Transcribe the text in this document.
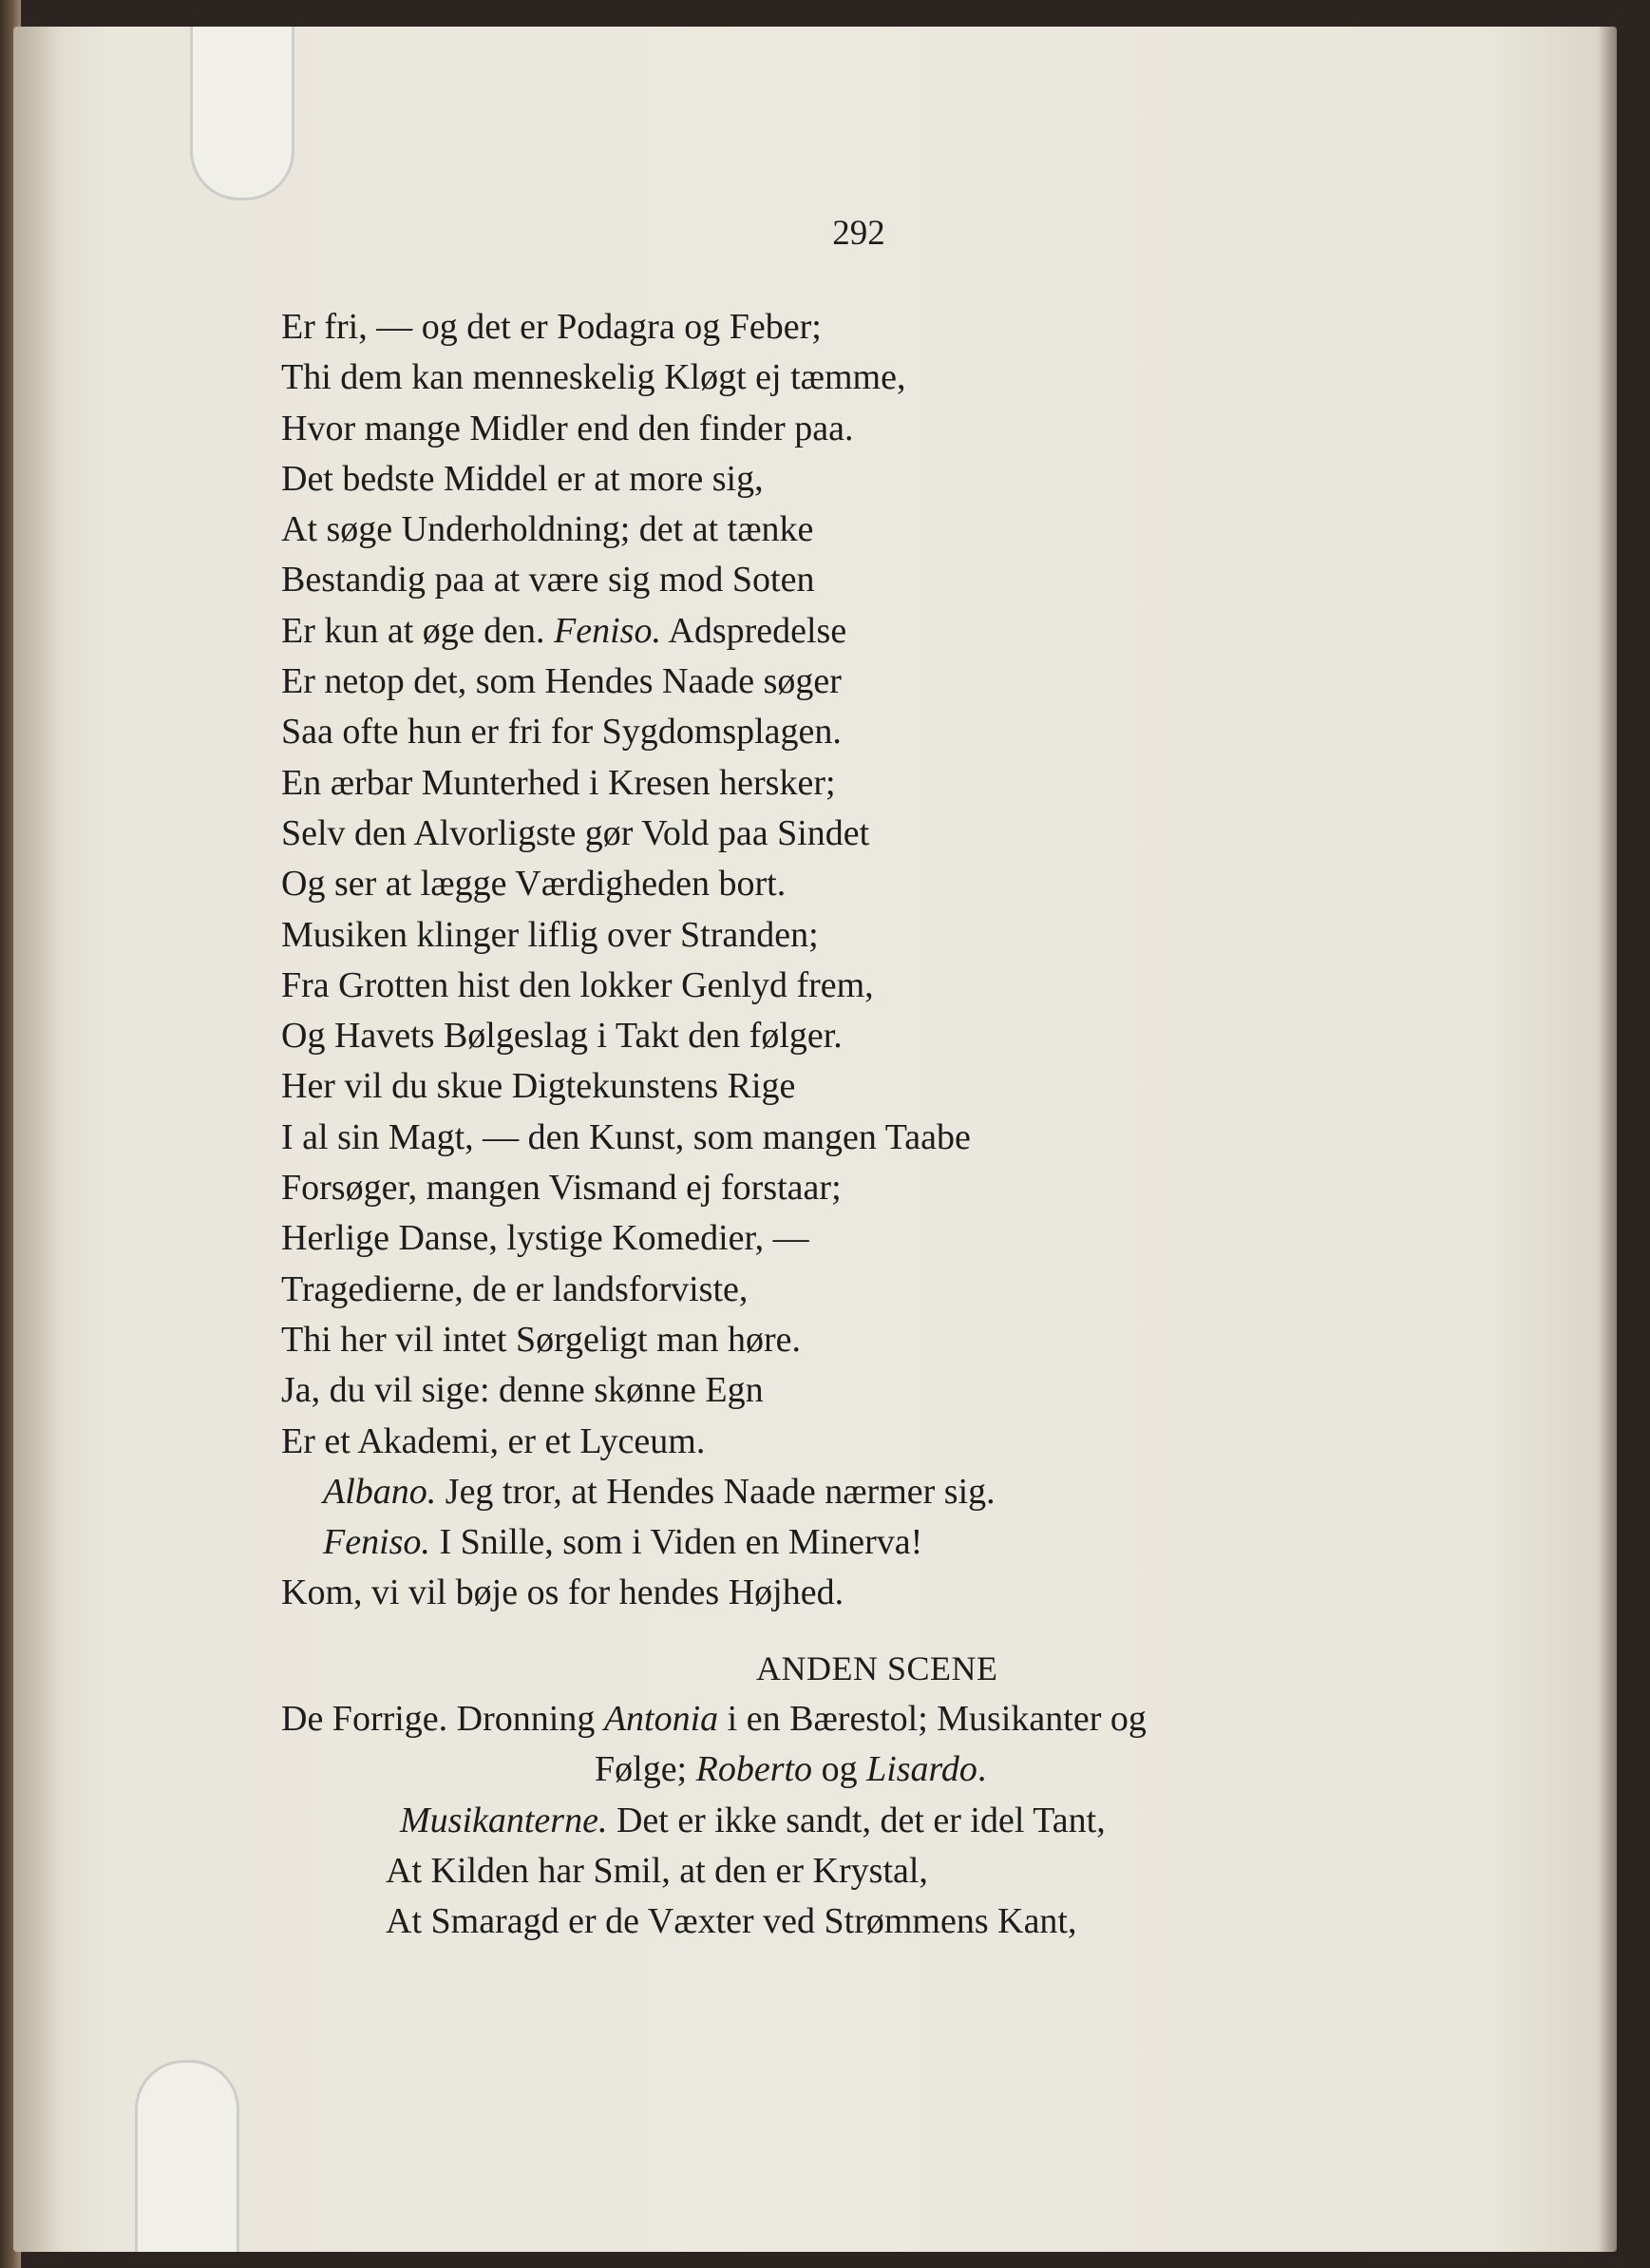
292
Er fri, — og det er Podagra og Feber;
Thi dem kan menneskelig Kløgt ej tæmme,
Hvor mange Midler end den finder paa.
Det bedste Middel er at more sig,
At søge Underholdning; det at tænke
Bestandig paa at være sig mod Soten
Er kun at øge den. Feniso. Adspredelse
Er netop det, som Hendes Naade søger
Saa ofte hun er fri for Sygdomsplagen.
En ærbar Munterhed i Kresen hersker;
Selv den Alvorligste gør Vold paa Sindet
Og ser at lægge Værdigheden bort.
Musiken klinger liflig over Stranden;
Fra Grotten hist den lokker Genlyd frem,
Og Havets Bølgeslag i Takt den følger.
Her vil du skue Digtekunstens Rige
I al sin Magt, — den Kunst, som mangen Taabe
Forsøger, mangen Vismand ej forstaar;
Herlige Danse, lystige Komedier, —
Tragedierne, de er landsforviste,
Thi her vil intet Sørgeligt man høre.
Ja, du vil sige: denne skønne Egn
Er et Akademi, er et Lyceum.
Albano. Jeg tror, at Hendes Naade nærmer sig.
Feniso. I Snille, som i Viden en Minerva!
Kom, vi vil bøje os for hendes Højhed.
ANDEN SCENE
De Forrige. Dronning Antonia i en Bærestol; Musikanter og
Følge; Roberto og Lisardo.
Musikanterne. Det er ikke sandt, det er idel Tant,
At Kilden har Smil, at den er Krystal,
At Smaragd er de Væxter ved Strømmens Kant,
